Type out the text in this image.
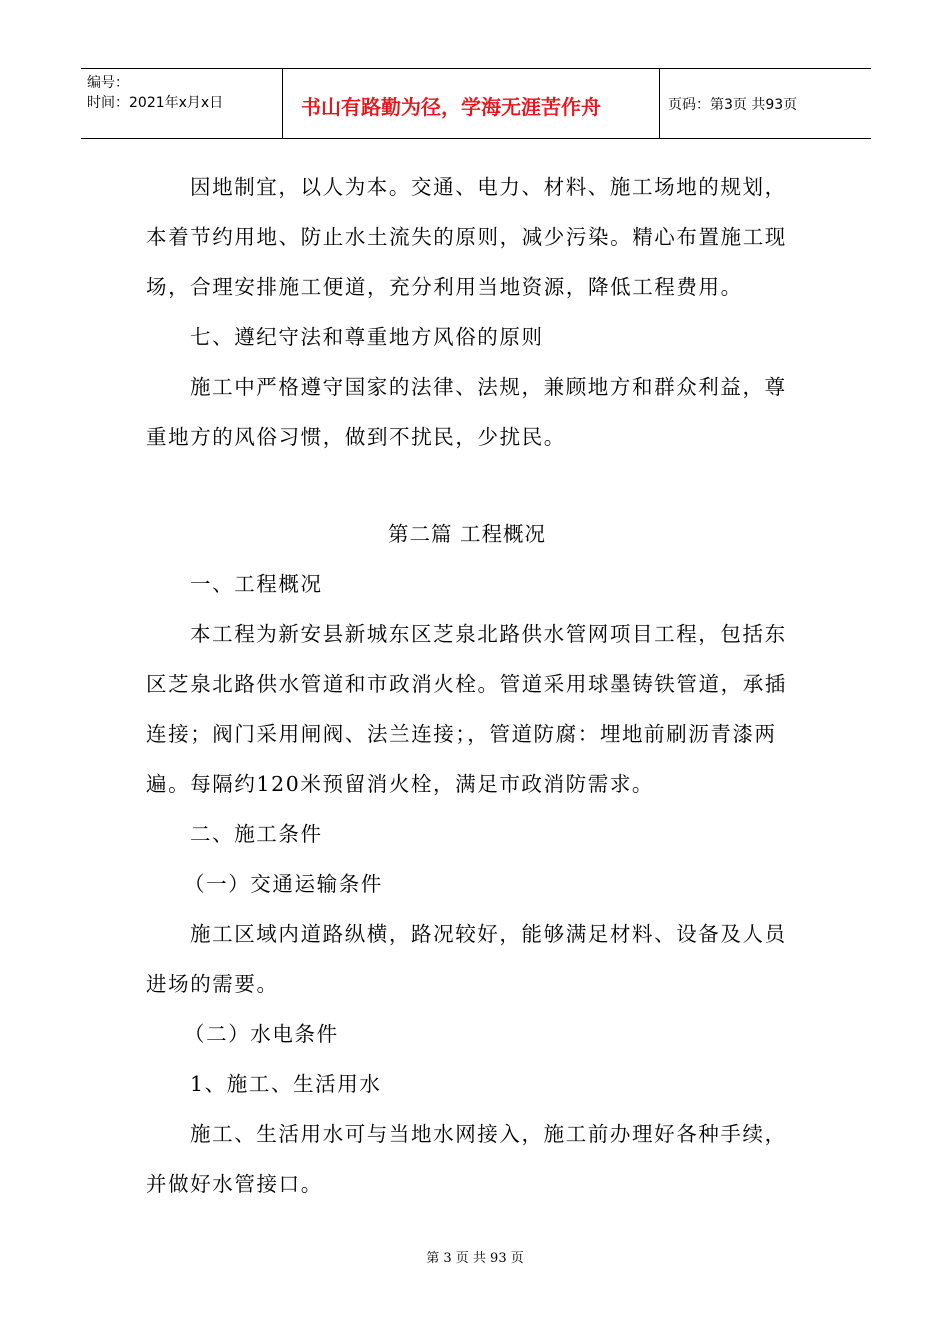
编号：
时间：2021年x月x日	书山有路勤为径，学海无涯苦作舟	页码：第3页 共93页
因地制宜，以人为本。交通、电力、材料、施工场地的规划，
本着节约用地、防止水土流失的原则，减少污染。精心布置施工现
场，合理安排施工便道，充分利用当地资源，降低工程费用。
七、遵纪守法和尊重地方风俗的原则
施工中严格遵守国家的法律、法规，兼顾地方和群众利益，尊
重地方的风俗习惯，做到不扰民，少扰民。
第二篇 工程概况
一、工程概况
本工程为新安县新城东区芝泉北路供水管网项目工程，包括东
区芝泉北路供水管道和市政消火栓。管道采用球墨铸铁管道，承插
连接；阀门采用闸阀、法兰连接；，管道防腐：埋地前刷沥青漆两
遍。每隔约120米预留消火栓，满足市政消防需求。
二、施工条件
（一）交通运输条件
施工区域内道路纵横，路况较好，能够满足材料、设备及人员
进场的需要。
（二）水电条件
1、施工、生活用水
施工、生活用水可与当地水网接入，施工前办理好各种手续，
并做好水管接口。
第 3 页 共 93 页
